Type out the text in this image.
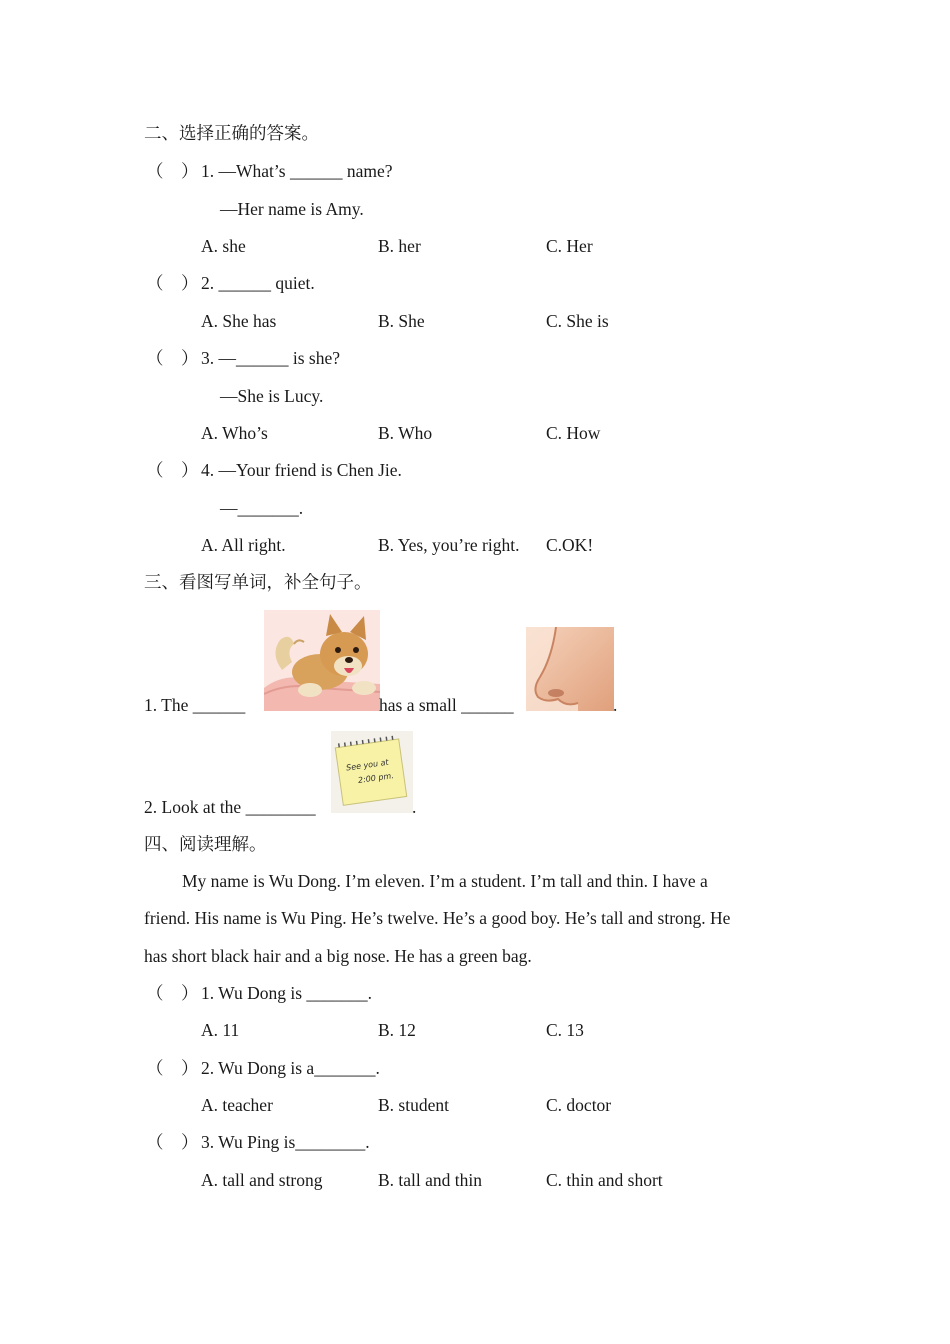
二、选择正确的答案。
（　） 1. —What’s ______ name?
—Her name is Amy.
A. she	B. her	C. Her
（　） 2. ______ quiet.
A. She has	B. She	C. She is
（　） 3. —______ is she?
—She is Lucy.
A. Who’s	B. Who	C. How
（　） 4. —Your friend is Chen Jie.
—_______.
A. All right.	B. Yes, you’re right. C.OK!
三、看图写单词，补全句子。
1. The ______	has a small ______	.
2. Look at the ________
See you at2:00 pm.
.
四、阅读理解。
My name is Wu Dong. I’m eleven. I’m a student. I’m tall and thin. I have a
friend. His name is Wu Ping. He’s twelve. He’s a good boy. He’s tall and strong. He
has short black hair and a big nose. He has a green bag.
（　） 1. Wu Dong is _______.
A. 11	B. 12	C. 13
（　） 2. Wu Dong is a_______.
A. teacher	B. student	C. doctor
（　） 3. Wu Ping is________.
A. tall and strong	B. tall and thin	C. thin and short
